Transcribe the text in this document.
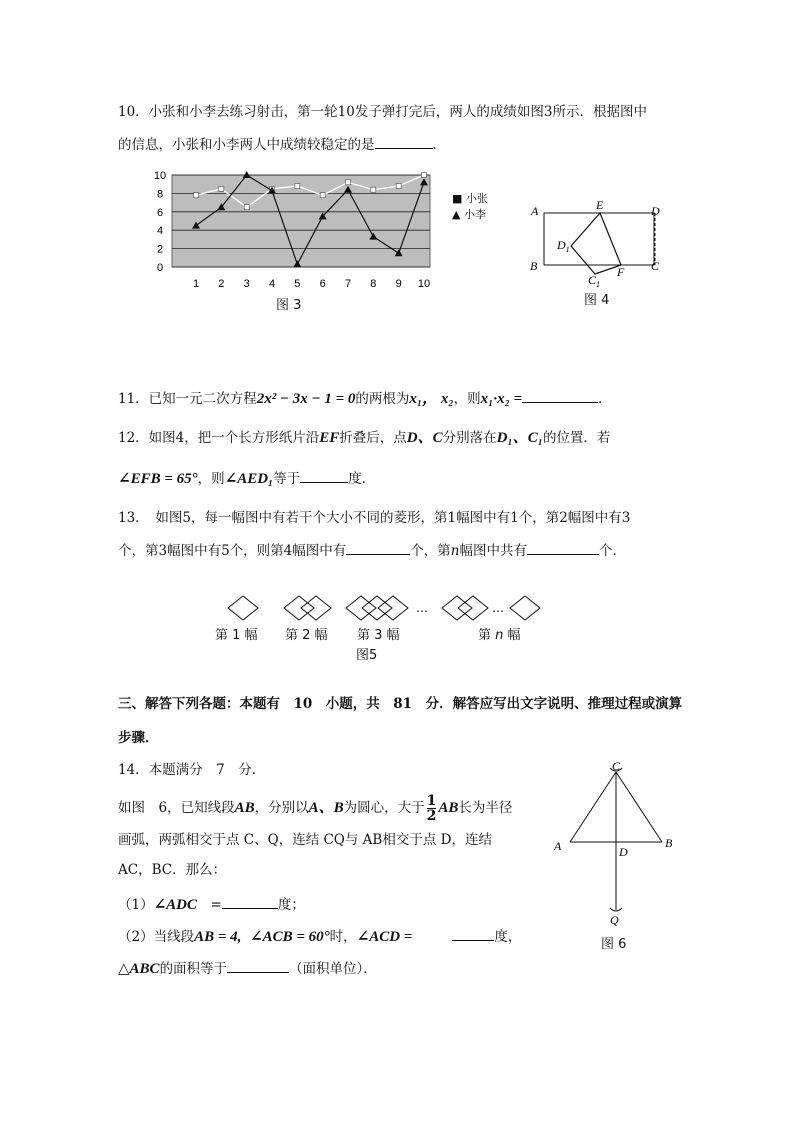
10．小张和小李去练习射击，第一轮10发子弹打完后，两人的成绩如图3所示．根据图中
的信息，小张和小李两人中成绩较稳定的是	．
0
2
4
6
8
10
1 2 3 4 5 6 7 8 9 10
图 3
■ 小张
▲ 小李	A	E	D
$D_1$
B
$C_1$
F C
图 4
11．已知一元二次方程2x² − 3x − 1 = 0的两根为x₁， x₂，则x₁·x₂ =	．
12．如图4，把一个长方形纸片沿EF折叠后，点D、C分别落在D₁、C₁的位置．若
∠EFB = 65°，则∠AED₁等于	度．
13．　如图5，每一幅图中有若干个大小不同的菱形，第1幅图中有1个，第2幅图中有3
个，第3幅图中有5个，则第4幅图中有	个，第n幅图中共有	个．
…	…
第 1 幅 第 2 幅 第 3 幅	第 n 幅
图5
三、解答下列各题：本题有　10　小题，共　81　分．解答应写出文字说明、推理过程或演算
步骤．
14．本题满分　7　分．
如图　6，已知线段AB，分别以A、B为圆心，大于 $\frac{1}{2}$ AB长为半径
画弧，两弧相交于点 C、Q，连结 CQ与 AB相交于点 D，连结
AC，BC．那么：
（1）∠ADC　=	度；
（2）当线段AB = 4, ∠ACB = 60°时，∠ACD =	度，
△ABC的面积等于	（面积单位）．
C
A	D
B
Q
图 6
